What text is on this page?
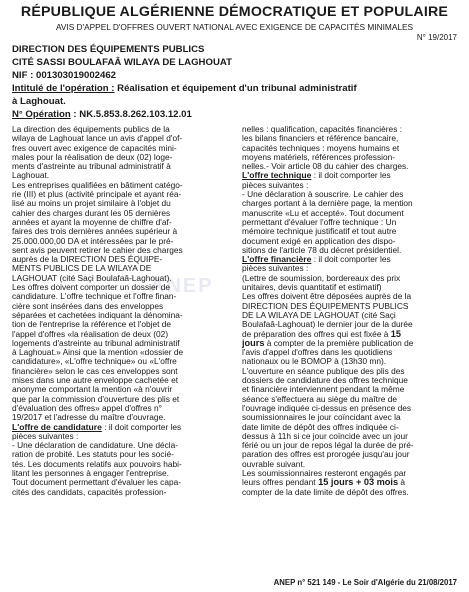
RÉPUBLIQUE ALGÉRIENNE DÉMOCRATIQUE ET POPULAIRE
AVIS D'APPEL D'OFFRES OUVERT NATIONAL AVEC EXIGENCE DE CAPACITÉS MINIMALES
N° 19/2017
DIRECTION DES ÉQUIPEMENTS PUBLICS
CITÉ SASSI BOULAFAÂ WILAYA DE LAGHOUAT
NIF : 001303019002462
Intitulé de l'opération : Réalisation et équipement d'un tribunal administratif
à Laghouat.
N° Opération : NK.5.853.8.262.103.12.01
ANEP
La direction des équipements publics de la
wilaya de Laghouat lance un avis d'appel d'of-
fres ouvert avec exigence de capacités mini-
males pour la réalisation de deux (02) loge-
ments d'astreinte au tribunal administratif à
Laghouat.
Les entreprises qualifiées en bâtiment catégo-
rie (III) et plus (activité principale et ayant réa-
lisé au moins un projet similaire à l'objet du
cahier des charges durant les 05 dernières
années et ayant la moyenne de chiffre d'af-
faires des trois dernières années supérieur à
25.000.000,00 DA et intéressées par le pré-
sent avis peuvent retirer le cahier des charges
auprès de la DIRECTION DES ÉQUIPE-
MENTS PUBLICS DE LA WILAYA DE
LAGHOUAT (cité Saçi Boulafaâ-Laghouat).
Les offres doivent comporter un dossier de
candidature. L'offre technique et l'offre finan-
cière sont insérées dans des enveloppes
séparées et cachetées indiquant la dénomina-
tion de l'entreprise la référence et l'objet de
l'appel d'offres «la réalisation de deux (02)
logements d'astreinte au tribunal administratif
à Laghouat.» Ainsi que la mention «dossier de
candidature», «L'offre technique» ou «L'offre
financière» selon le cas ces enveloppes sont
mises dans une autre enveloppe cachetée et
anonyme comportant la mention «à n'ouvrir
que par la commission d'ouverture des plis et
d'évaluation des offres» appel d'offres n°
19/2017 et l'adresse du maître d'ouvrage.
L'offre de candidature : il doit comporter les
pièces suivantes :
- Une déclaration de candidature. Une décla-
ration de probité. Les statuts pour les socié-
tés. Les documents relatifs aux pouvoirs habi-
litant les personnes à engager l'entreprise.
Tout document permettant d'évaluer les capa-
cités des candidats, capacités profession-
nelles : qualification, capacités financières :
les bilans financiers et référence bancaire,
capacités techniques : moyens humains et
moyens matériels, références profession-
nelles.- Voir article 08 du cahier des charges.
L'offre technique : il doit comporter les
pièces suivantes :
- Une déclaration à souscrire. Le cahier des
charges portant à la dernière page, la mention
manuscrite «Lu et accepté». Tout document
permettant d'évaluer l'offre technique : Un
mémoire technique justificatif et tout autre
document exigé en application des dispo-
sitions de l'article 78 du décret présidentiel.
L'offre financière : il doit comporter les
pièces suivantes :
(Lettre de soumission, bordereaux des prix
unitaires, devis quantitatif et estimatif)
Les offres doivent être déposées auprès de la
DIRECTION DES ÉQUIPEMENTS PUBLICS
DE LA WILAYA DE LAGHOUAT (cité Saçi
Boulafaâ-Laghouat) le dernier jour de la durée
de préparation des offres qui est fixée à 15
jours à compter de la première publication de
l'avis d'appel d'offres dans les quotidiens
nationaux ou le BOMOP à (13h30 mn).
L'ouverture en séance publique des plis des
dossiers de candidature des offres technique
et financière interviennent pendant la même
séance s'effectuera au siège du maître de
l'ouvrage indiquée ci-dessus en présence des
soumissionnaires le jour coïncidant avec la
date limite de dépôt des offres indiquée ci-
dessus à 11h si ce jour coïncide avec un jour
férié ou un jour de repos légal la durée de pré-
paration des offres est prorogée jusqu'au jour
ouvrable suivant.
Les soumissionnaires resteront engagés par
leurs offres pendant 15 jours + 03 mois à
compter de la date limite de dépôt des offres.
ANEP n° 521 149 - Le Soir d'Algérie du 21/08/2017
